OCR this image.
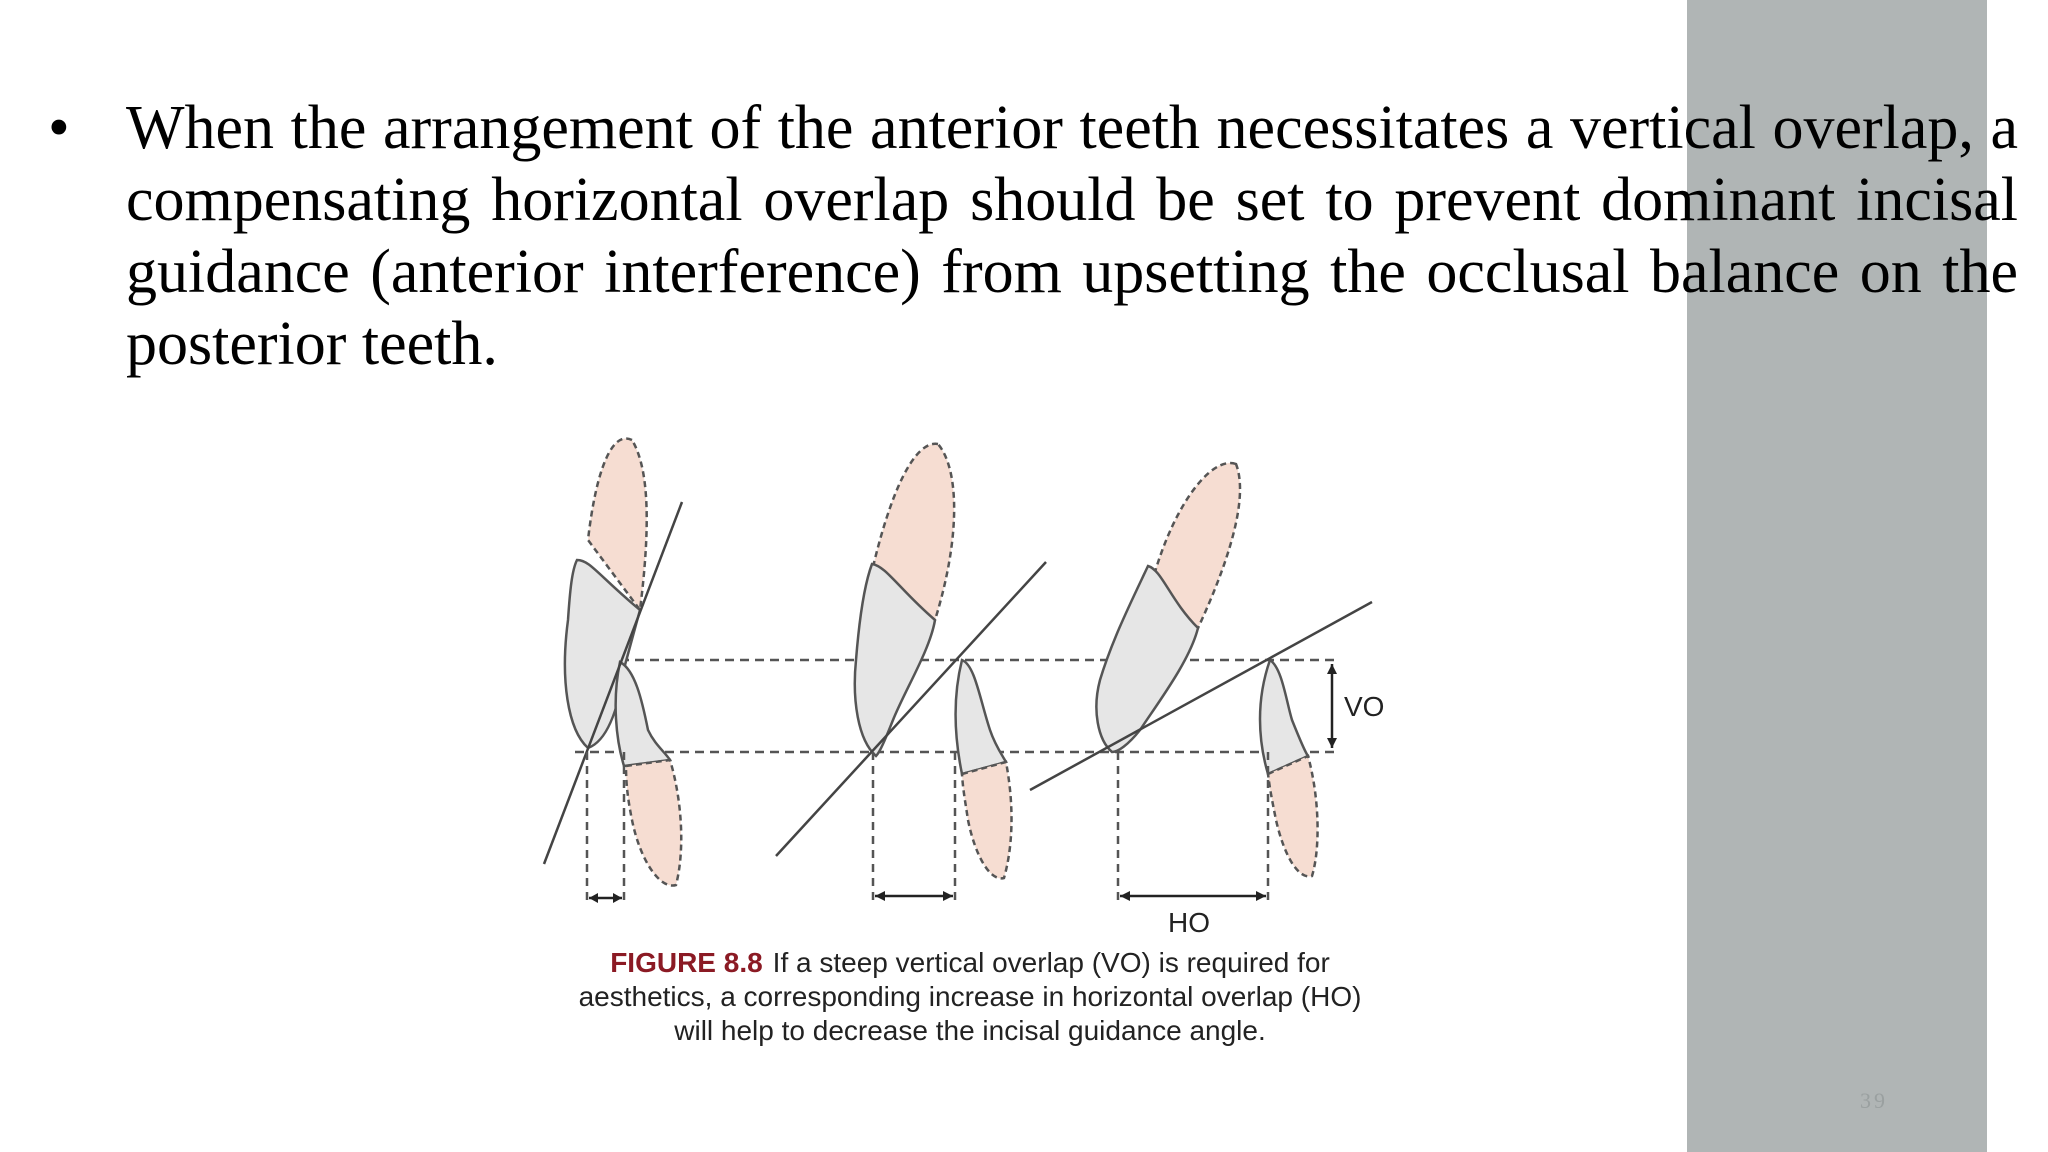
• When the arrangement of the anterior teeth necessitates a vertical overlap, a compensating horizontal overlap should be set to prevent dominant incisal guidance (anterior interference) from upsetting the occlusal balance on the posterior teeth.
VO
HO
FIGURE 8.8 If a steep vertical overlap (VO) is required for aesthetics, a corresponding increase in horizontal overlap (HO) will help to decrease the incisal guidance angle.
39
